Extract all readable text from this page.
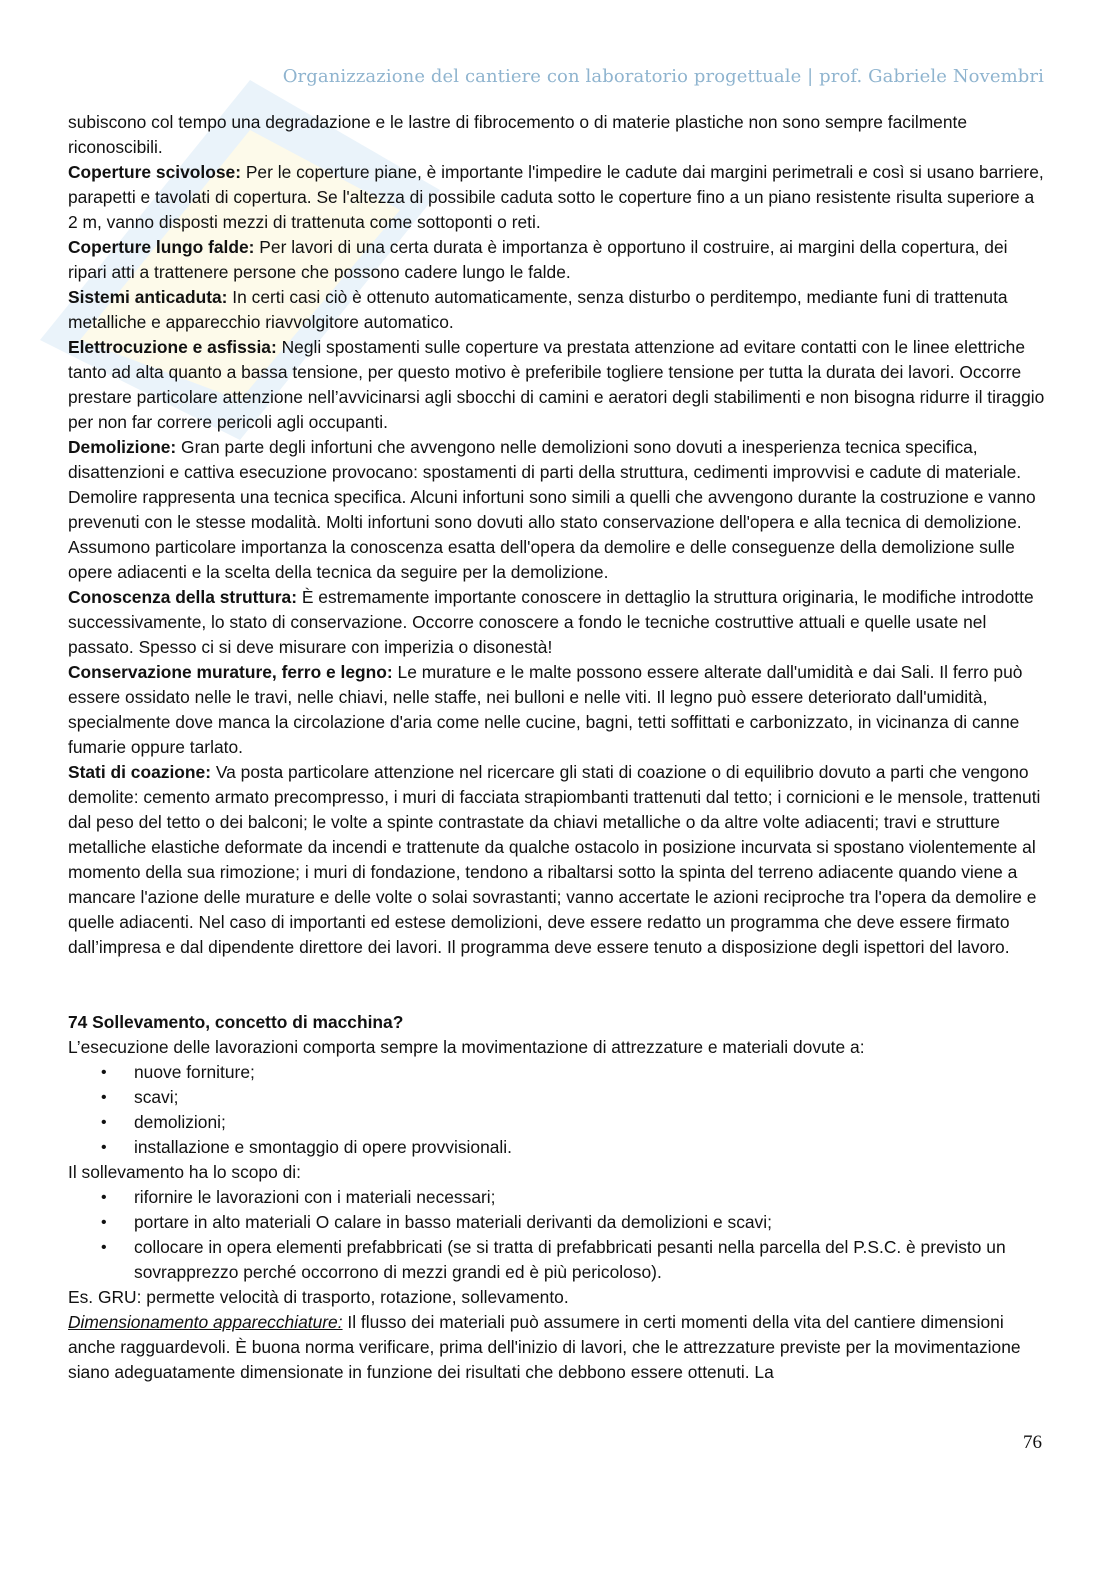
Organizzazione del cantiere con laboratorio progettuale | prof. Gabriele Novembri

subiscono col tempo una degradazione e le lastre di fibrocemento o di materie plastiche non sono sempre facilmente riconoscibili.

Coperture scivolose: Per le coperture piane, è importante l'impedire le cadute dai margini perimetrali e così si usano barriere, parapetti e tavolati di copertura. Se l'altezza di possibile caduta sotto le coperture fino a un piano resistente risulta superiore a 2 m, vanno disposti mezzi di trattenuta come sottoponti o reti.

Coperture lungo falde: Per lavori di una certa durata è importanza è opportuno il costruire, ai margini della copertura, dei ripari atti a trattenere persone che possono cadere lungo le falde.

Sistemi anticaduta: In certi casi ciò è ottenuto automaticamente, senza disturbo o perditempo, mediante funi di trattenuta metalliche e apparecchio riavvolgitore automatico.

Elettrocuzione e asfissia: Negli spostamenti sulle coperture va prestata attenzione ad evitare contatti con le linee elettriche tanto ad alta quanto a bassa tensione, per questo motivo è preferibile togliere tensione per tutta la durata dei lavori. Occorre prestare particolare attenzione nell’avvicinarsi agli sbocchi di camini e aeratori degli stabilimenti e non bisogna ridurre il tiraggio per non far correre pericoli agli occupanti.

Demolizione: Gran parte degli infortuni che avvengono nelle demolizioni sono dovuti a inesperienza tecnica specifica, disattenzioni e cattiva esecuzione provocano: spostamenti di parti della struttura, cedimenti improvvisi e cadute di materiale. Demolire rappresenta una tecnica specifica. Alcuni infortuni sono simili a quelli che avvengono durante la costruzione e vanno prevenuti con le stesse modalità. Molti infortuni sono dovuti allo stato conservazione dell'opera e alla tecnica di demolizione. Assumono particolare importanza la conoscenza esatta dell'opera da demolire e delle conseguenze della demolizione sulle opere adiacenti e la scelta della tecnica da seguire per la demolizione.

Conoscenza della struttura: È estremamente importante conoscere in dettaglio la struttura originaria, le modifiche introdotte successivamente, lo stato di conservazione. Occorre conoscere a fondo le tecniche costruttive attuali e quelle usate nel passato. Spesso ci si deve misurare con imperizia o disonestà!

Conservazione murature, ferro e legno: Le murature e le malte possono essere alterate dall'umidità e dai Sali. Il ferro può essere ossidato nelle le travi, nelle chiavi, nelle staffe, nei bulloni e nelle viti. Il legno può essere deteriorato dall'umidità, specialmente dove manca la circolazione d'aria come nelle cucine, bagni, tetti soffittati e carbonizzato, in vicinanza di canne fumarie oppure tarlato.

Stati di coazione: Va posta particolare attenzione nel ricercare gli stati di coazione o di equilibrio dovuto a parti che vengono demolite: cemento armato precompresso, i muri di facciata strapiombanti trattenuti dal tetto; i cornicioni e le mensole, trattenuti dal peso del tetto o dei balconi; le volte a spinte contrastate da chiavi metalliche o da altre volte adiacenti; travi e strutture metalliche elastiche deformate da incendi e trattenute da qualche ostacolo in posizione incurvata si spostano violentemente al momento della sua rimozione; i muri di fondazione, tendono a ribaltarsi sotto la spinta del terreno adiacente quando viene a mancare l'azione delle murature e delle volte o solai sovrastanti; vanno accertate le azioni reciproche tra l'opera da demolire e quelle adiacenti. Nel caso di importanti ed estese demolizioni, deve essere redatto un programma che deve essere firmato dall’impresa e dal dipendente direttore dei lavori. Il programma deve essere tenuto a disposizione degli ispettori del lavoro.

74 Sollevamento, concetto di macchina?

L’esecuzione delle lavorazioni comporta sempre la movimentazione di attrezzature e materiali dovute a:

• nuove forniture;
• scavi;
• demolizioni;
• installazione e smontaggio di opere provvisionali.

Il sollevamento ha lo scopo di:

• rifornire le lavorazioni con i materiali necessari;
• portare in alto materiali O calare in basso materiali derivanti da demolizioni e scavi;
• collocare in opera elementi prefabbricati (se si tratta di prefabbricati pesanti nella parcella del P.S.C. è previsto un sovrapprezzo perché occorrono di mezzi grandi ed è più pericoloso).

Es. GRU: permette velocità di trasporto, rotazione, sollevamento.

Dimensionamento apparecchiature: Il flusso dei materiali può assumere in certi momenti della vita del cantiere dimensioni anche ragguardevoli. È buona norma verificare, prima dell'inizio di lavori, che le attrezzature previste per la movimentazione siano adeguatamente dimensionate in funzione dei risultati che debbono essere ottenuti. La

76
